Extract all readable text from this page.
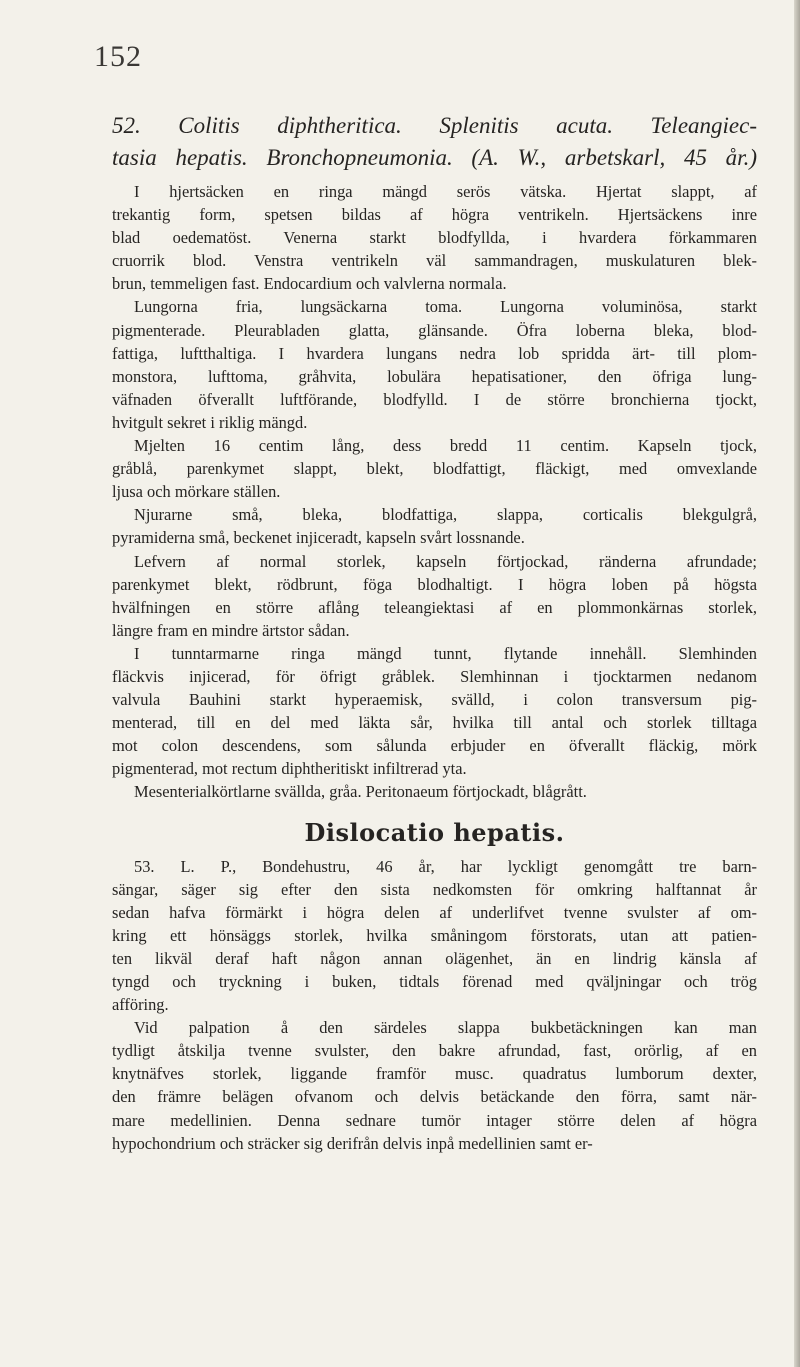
152
52. Colitis diphtheritica. Splenitis acuta. Teleangiec-
tasia hepatis. Bronchopneumonia. (A. W., arbetskarl, 45 år.)
I hjertsäcken en ringa mängd serös vätska. Hjertat slappt, af
trekantig form, spetsen bildas af högra ventrikeln. Hjertsäckens inre
blad oedematöst. Venerna starkt blodfyllda, i hvardera förkammaren
cruorrik blod. Venstra ventrikeln väl sammandragen, muskulaturen blek-
brun, temmeligen fast. Endocardium och valvlerna normala.
Lungorna fria, lungsäckarna toma. Lungorna voluminösa, starkt
pigmenterade. Pleurabladen glatta, glänsande. Öfra loberna bleka, blod-
fattiga, luftthaltiga. I hvardera lungans nedra lob spridda ärt- till plom-
monstora, lufttoma, gråhvita, lobulära hepatisationer, den öfriga lung-
väfnaden öfverallt luftförande, blodfylld. I de större bronchierna tjockt,
hvitgult sekret i riklig mängd.
Mjelten 16 centim lång, dess bredd 11 centim. Kapseln tjock,
gråblå, parenkymet slappt, blekt, blodfattigt, fläckigt, med omvexlande
ljusa och mörkare ställen.
Njurarne små, bleka, blodfattiga, slappa, corticalis blekgulgrå,
pyramiderna små, beckenet injiceradt, kapseln svårt lossnande.
Lefvern af normal storlek, kapseln förtjockad, ränderna afrundade;
parenkymet blekt, rödbrunt, föga blodhaltigt. I högra loben på högsta
hvälfningen en större aflång teleangiektasi af en plommonkärnas storlek,
längre fram en mindre ärtstor sådan.
I tunntarmarne ringa mängd tunnt, flytande innehåll. Slemhinden
fläckvis injicerad, för öfrigt gråblek. Slemhinnan i tjocktarmen nedanom
valvula Bauhini starkt hyperaemisk, svälld, i colon transversum pig-
menterad, till en del med läkta sår, hvilka till antal och storlek tilltaga
mot colon descendens, som sålunda erbjuder en öfverallt fläckig, mörk
pigmenterad, mot rectum diphtheritiskt infiltrerad yta.
Mesenterialkörtlarne svällda, gråa. Peritonaeum förtjockadt, blågrått.
Dislocatio hepatis.
53. L. P., Bondehustru, 46 år, har lyckligt genomgått tre barn-
sängar, säger sig efter den sista nedkomsten för omkring halftannat år
sedan hafva förmärkt i högra delen af underlifvet tvenne svulster af om-
kring ett hönsäggs storlek, hvilka småningom förstorats, utan att patien-
ten likväl deraf haft någon annan olägenhet, än en lindrig känsla af
tyngd och tryckning i buken, tidtals förenad med qväljningar och trög
afföring.
Vid palpation å den särdeles slappa bukbetäckningen kan man
tydligt åtskilja tvenne svulster, den bakre afrundad, fast, orörlig, af en
knytnäfves storlek, liggande framför musc. quadratus lumborum dexter,
den främre belägen ofvanom och delvis betäckande den förra, samt när-
mare medellinien. Denna sednare tumör intager större delen af högra
hypochondrium och sträcker sig derifrån delvis inpå medellinien samt er-
